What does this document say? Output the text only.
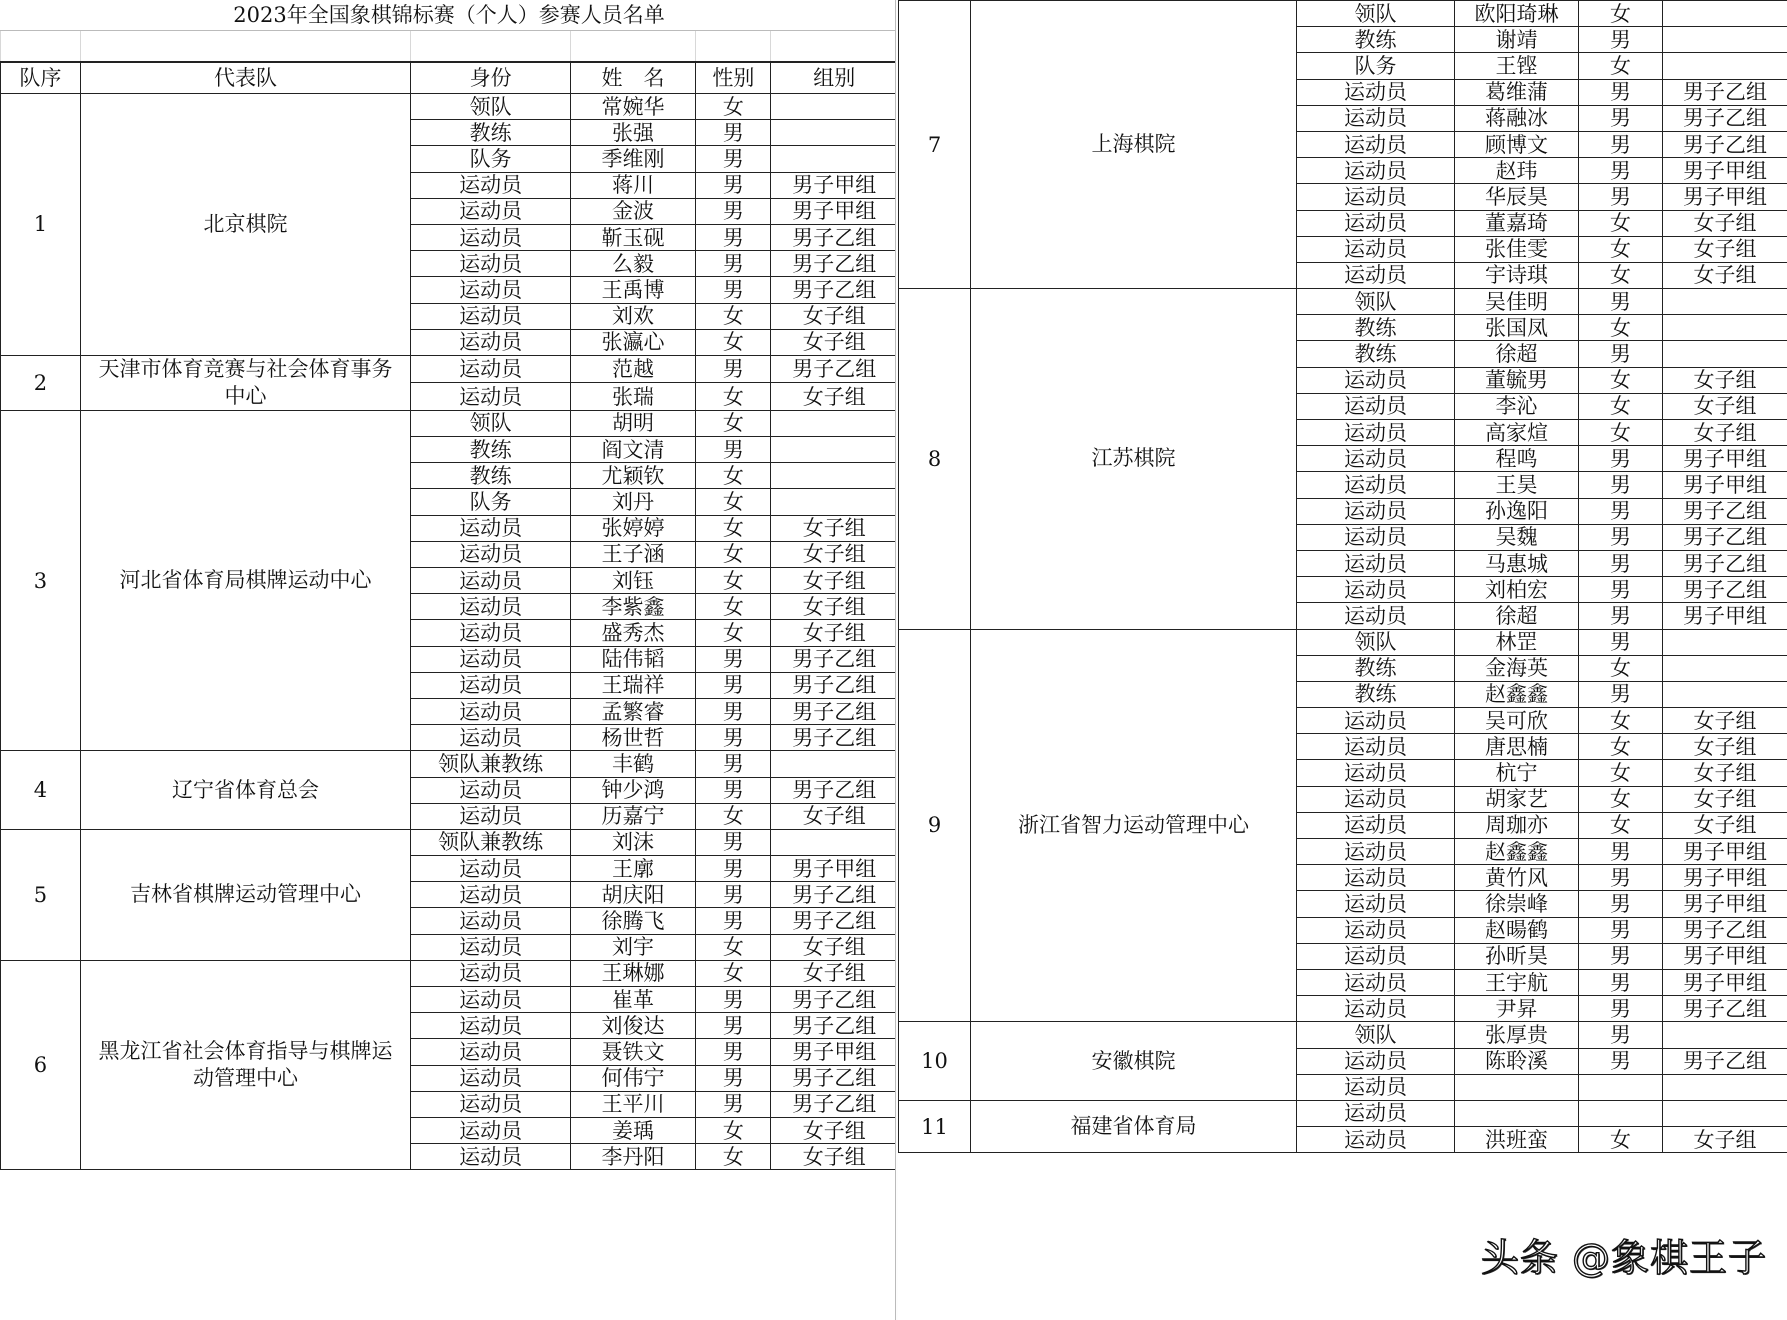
2023年全国象棋锦标赛（个人）参赛人员名单					

队序	代表队	身份	姓　名	性别	组别
1	北京棋院	领队	常婉华	女	
		教练	张强	男	
		队务	季维刚	男	
		运动员	蒋川	男	男子甲组
		运动员	金波	男	男子甲组
		运动员	靳玉砚	男	男子乙组
		运动员	么毅	男	男子乙组
		运动员	王禹博	男	男子乙组
		运动员	刘欢	女	女子组
		运动员	张瀛心	女	女子组
2	天津市体育竞赛与社会体育事务中心	运动员	范越	男	男子乙组
		运动员	张瑞	女	女子组
3	河北省体育局棋牌运动中心	领队	胡明	女	
		教练	阎文清	男	
		教练	尤颖钦	女	
		队务	刘丹	女	
		运动员	张婷婷	女	女子组
		运动员	王子涵	女	女子组
		运动员	刘钰	女	女子组
		运动员	李紫鑫	女	女子组
		运动员	盛秀杰	女	女子组
		运动员	陆伟韬	男	男子乙组
		运动员	王瑞祥	男	男子乙组
		运动员	孟繁睿	男	男子乙组
		运动员	杨世哲	男	男子乙组
4	辽宁省体育总会	领队兼教练	丰鹤	男	
		运动员	钟少鸿	男	男子乙组
		运动员	历嘉宁	女	女子组
5	吉林省棋牌运动管理中心	领队兼教练	刘沫	男	
		运动员	王廓	男	男子甲组
		运动员	胡庆阳	男	男子乙组
		运动员	徐腾飞	男	男子乙组
		运动员	刘宇	女	女子组
6	黑龙江省社会体育指导与棋牌运动管理中心	运动员	王琳娜	女	女子组
		运动员	崔革	男	男子乙组
		运动员	刘俊达	男	男子乙组
		运动员	聂铁文	男	男子甲组
		运动员	何伟宁	男	男子乙组
		运动员	王平川	男	男子乙组
		运动员	姜瑀	女	女子组
		运动员	李丹阳	女	女子组
7	上海棋院	领队	欧阳琦琳	女	
		教练	谢靖	男	
		队务	王铿	女	
		运动员	葛维蒲	男	男子乙组
		运动员	蒋融冰	男	男子乙组
		运动员	顾博文	男	男子乙组
		运动员	赵玮	男	男子甲组
		运动员	华辰昊	男	男子甲组
		运动员	董嘉琦	女	女子组
		运动员	张佳雯	女	女子组
		运动员	宇诗琪	女	女子组
8	江苏棋院	领队	吴佳明	男	
		教练	张国凤	女	
		教练	徐超	男	
		运动员	董毓男	女	女子组
		运动员	李沁	女	女子组
		运动员	高家煊	女	女子组
		运动员	程鸣	男	男子甲组
		运动员	王昊	男	男子甲组
		运动员	孙逸阳	男	男子乙组
		运动员	吴魏	男	男子乙组
		运动员	马惠城	男	男子乙组
		运动员	刘柏宏	男	男子乙组
		运动员	徐超	男	男子甲组
9	浙江省智力运动管理中心	领队	林罡	男	
		教练	金海英	女	
		教练	赵鑫鑫	男	
		运动员	吴可欣	女	女子组
		运动员	唐思楠	女	女子组
		运动员	杭宁	女	女子组
		运动员	胡家艺	女	女子组
		运动员	周珈亦	女	女子组
		运动员	赵鑫鑫	男	男子甲组
		运动员	黄竹风	男	男子甲组
		运动员	徐崇峰	男	男子甲组
		运动员	赵暘鹤	男	男子乙组
		运动员	孙昕昊	男	男子甲组
		运动员	王宇航	男	男子甲组
		运动员	尹昇	男	男子乙组
10	安徽棋院	领队	张厚贵	男	
		运动员	陈聆溪	男	男子乙组
		运动员			
11	福建省体育局	运动员			
		运动员	洪班蛮	女	女子组
头条 @象棋王子
